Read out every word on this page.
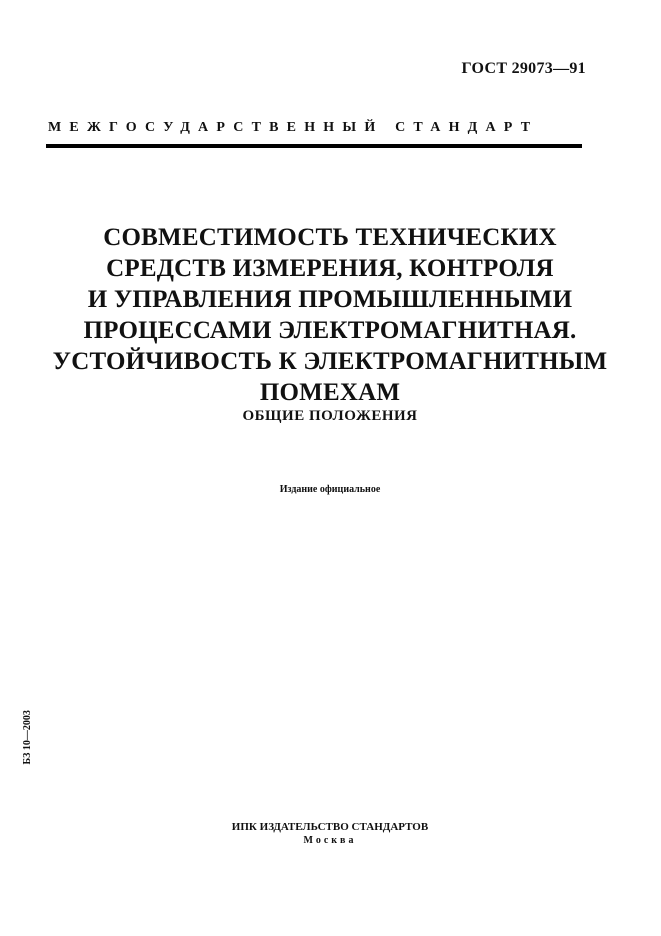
ГОСТ 29073—91
МЕЖГОСУДАРСТВЕННЫЙ СТАНДАРТ
СОВМЕСТИМОСТЬ ТЕХНИЧЕСКИХ
СРЕДСТВ ИЗМЕРЕНИЯ, КОНТРОЛЯ
И УПРАВЛЕНИЯ ПРОМЫШЛЕННЫМИ
ПРОЦЕССАМИ ЭЛЕКТРОМАГНИТНАЯ.
УСТОЙЧИВОСТЬ К ЭЛЕКТРОМАГНИТНЫМ
ПОМЕХАМ
ОБЩИЕ ПОЛОЖЕНИЯ
Издание официальное
БЗ 10—2003
ИПК ИЗДАТЕЛЬСТВО СТАНДАРТОВ
Москва
